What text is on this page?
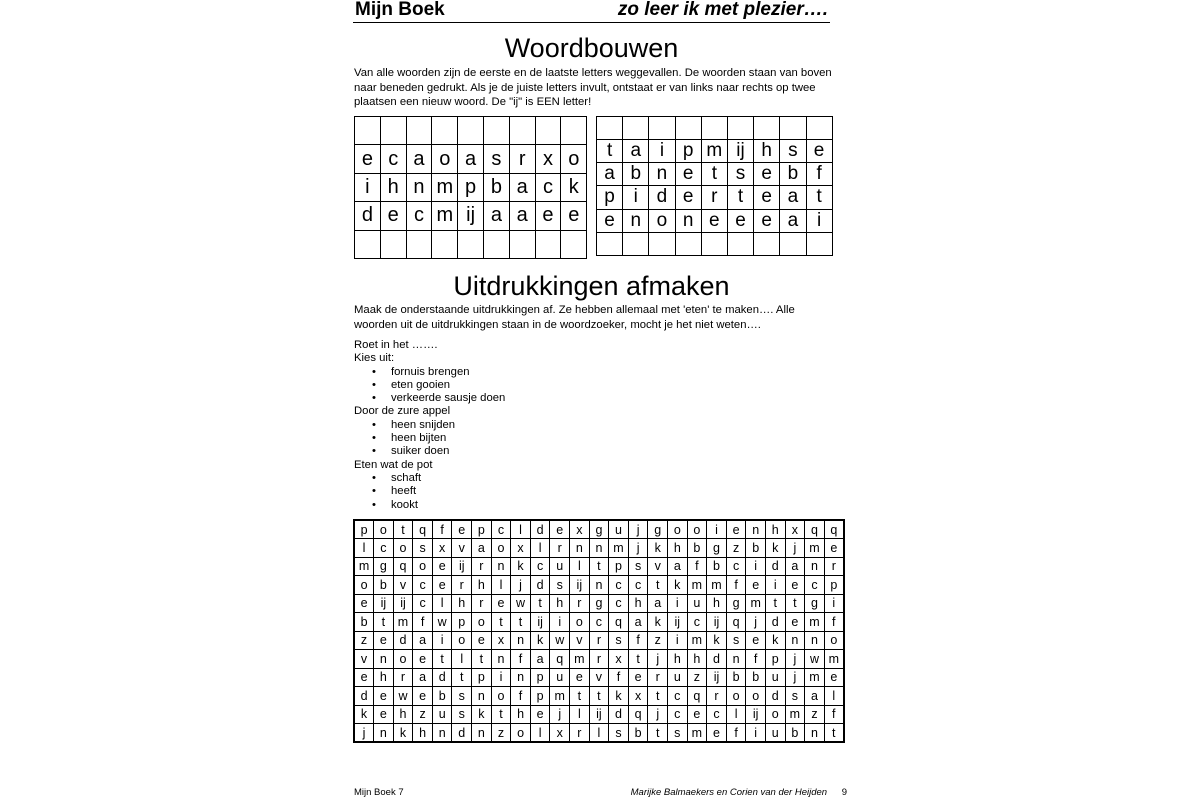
Mijn Boek	zo leer ik met plezier….
Woordbouwen
Van alle woorden zijn de eerste en de laatste letters weggevallen. De woorden staan van boven naar beneden gedrukt. Als je de juiste letters invult, ontstaat er van links naar rechts op twee plaatsen een nieuw woord. De "ij" is EEN letter!

e	c	a	o	a	s	r	x	o
i	h	n	m	p	b	a	c	k
d	e	c	m	ij	a	a	e	e

t	a	i	p	m	ij	h	s	e
a	b	n	e	t	s	e	b	f
p	i	d	e	r	t	e	a	t
e	n	o	n	e	e	e	a	i

Uitdrukkingen afmaken
Maak de onderstaande uitdrukkingen af. Ze hebben allemaal met 'eten' te maken…. Alle woorden uit de uitdrukkingen staan in de woordzoeker, mocht je het niet weten….
Roet in het …….
Kies uit:
• fornuis brengen
• eten gooien
• verkeerde sausje doen
Door de zure appel
• heen snijden
• heen bijten
• suiker doen
Eten wat de pot
• schaft
• heeft
• kookt
p	o	t	q	f	e	p	c	l	d	e	x	g	u	j	g	o	o	i	e	n	h	x	q	q
l	c	o	s	x	v	a	o	x	l	r	n	n	m	j	k	h	b	g	z	b	k	j	m	e
m	g	q	o	e	ij	r	n	k	c	u	l	t	p	s	v	a	f	b	c	i	d	a	n	r
o	b	v	c	e	r	h	l	j	d	s	ij	n	c	c	t	k	m	m	f	e	i	e	c	p
e	ij	ij	c	l	h	r	e	w	t	h	r	g	c	h	a	i	u	h	g	m	t	t	g	i
b	t	m	f	w	p	o	t	t	ij	i	o	c	q	a	k	ij	c	ij	q	j	d	e	m	f
z	e	d	a	i	o	e	x	n	k	w	v	r	s	f	z	i	m	k	s	e	k	n	n	o
v	n	o	e	t	l	t	n	f	a	q	m	r	x	t	j	h	h	d	n	f	p	j	w	m
e	h	r	a	d	t	p	i	n	p	u	e	v	f	e	r	u	z	ij	b	b	u	j	m	e
d	e	w	e	b	s	n	o	f	p	m	t	t	k	x	t	c	q	r	o	o	d	s	a	l
k	e	h	z	u	s	k	t	h	e	j	l	ij	d	q	j	c	e	c	l	ij	o	m	z	f
j	n	k	h	n	d	n	z	o	l	x	r	l	s	b	t	s	m	e	f	i	u	b	n	t
Mijn Boek 7	Marijke Balmaekers en Corien van der Heijden 9
